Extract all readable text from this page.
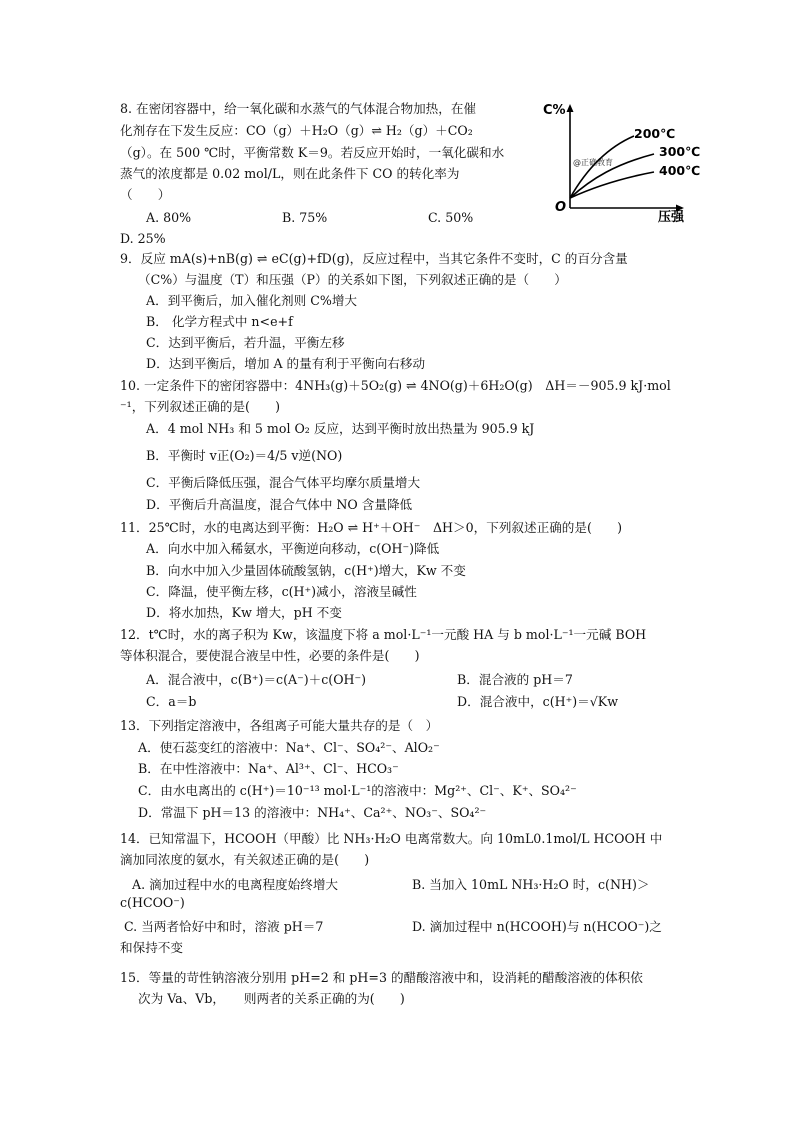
8. 在密闭容器中，给一氧化碳和水蒸气的气体混合物加热，在催
化剂存在下发生反应：CO（g）＋H₂O（g）⇌ H₂（g）＋CO₂
（g）。在 500 ℃时，平衡常数 K＝9。若反应开始时，一氧化碳和水
蒸气的浓度都是 0.02 mol/L，则在此条件下 CO 的转化率为
（　　）
A. 80%	B. 75%	C. 50%
D. 25%
C%
O
压强
@正确教育
200℃
300℃
400℃
9．反应 mA(s)+nB(g) ⇌ eC(g)+fD(g)，反应过程中，当其它条件不变时，C 的百分含量
（C%）与温度（T）和压强（P）的关系如下图，下列叙述正确的是（　　）
A．到平衡后，加入催化剂则 C%增大
B． 化学方程式中 n<e+f
C．达到平衡后，若升温，平衡左移
D．达到平衡后，增加 A 的量有利于平衡向右移动
10. 一定条件下的密闭容器中：4NH₃(g)＋5O₂(g) ⇌ 4NO(g)＋6H₂O(g)　ΔH＝－905.9 kJ·mol
⁻¹，下列叙述正确的是(　　)
A．4 mol NH₃ 和 5 mol O₂ 反应，达到平衡时放出热量为 905.9 kJ
B．平衡时 v正(O₂)＝4/5 v逆(NO)
C．平衡后降低压强，混合气体平均摩尔质量增大
D．平衡后升高温度，混合气体中 NO 含量降低
11．25℃时，水的电离达到平衡：H₂O ⇌ H⁺＋OH⁻　ΔH＞0，下列叙述正确的是(　　)
A．向水中加入稀氨水，平衡逆向移动，c(OH⁻)降低
B．向水中加入少量固体硫酸氢钠，c(H⁺)增大，Kw 不变
C．降温，使平衡左移，c(H⁺)减小，溶液呈碱性
D．将水加热，Kw 增大，pH 不变
12．t℃时，水的离子积为 Kw，该温度下将 a mol·L⁻¹一元酸 HA 与 b mol·L⁻¹一元碱 BOH
等体积混合，要使混合液呈中性，必要的条件是(　　)
A．混合液中，c(B⁺)＝c(A⁻)＋c(OH⁻)	B．混合液的 pH＝7
C．a＝b	D．混合液中，c(H⁺)＝√Kw
13．下列指定溶液中，各组离子可能大量共存的是（　）
A．使石蕊变红的溶液中：Na⁺、Cl⁻、SO₄²⁻、AlO₂⁻
B．在中性溶液中：Na⁺、Al³⁺、Cl⁻、HCO₃⁻
C．由水电离出的 c(H⁺)＝10⁻¹³ mol·L⁻¹的溶液中：Mg²⁺、Cl⁻、K⁺、SO₄²⁻
D．常温下 pH＝13 的溶液中：NH₄⁺、Ca²⁺、NO₃⁻、SO₄²⁻
14．已知常温下，HCOOH（甲酸）比 NH₃·H₂O 电离常数大。向 10mL0.1mol/L HCOOH 中
滴加同浓度的氨水，有关叙述正确的是(　　)
A. 滴加过程中水的电离程度始终增大	B. 当加入 10mL NH₃·H₂O 时，c(NH)＞
c(HCOO⁻)
C. 当两者恰好中和时，溶液 pH＝7	D. 滴加过程中 n(HCOOH)与 n(HCOO⁻)之
和保持不变
15．等量的苛性钠溶液分别用 pH=2 和 pH=3 的醋酸溶液中和，设消耗的醋酸溶液的体积依
次为 Va、Vb，　　则两者的关系正确的为(　　)
